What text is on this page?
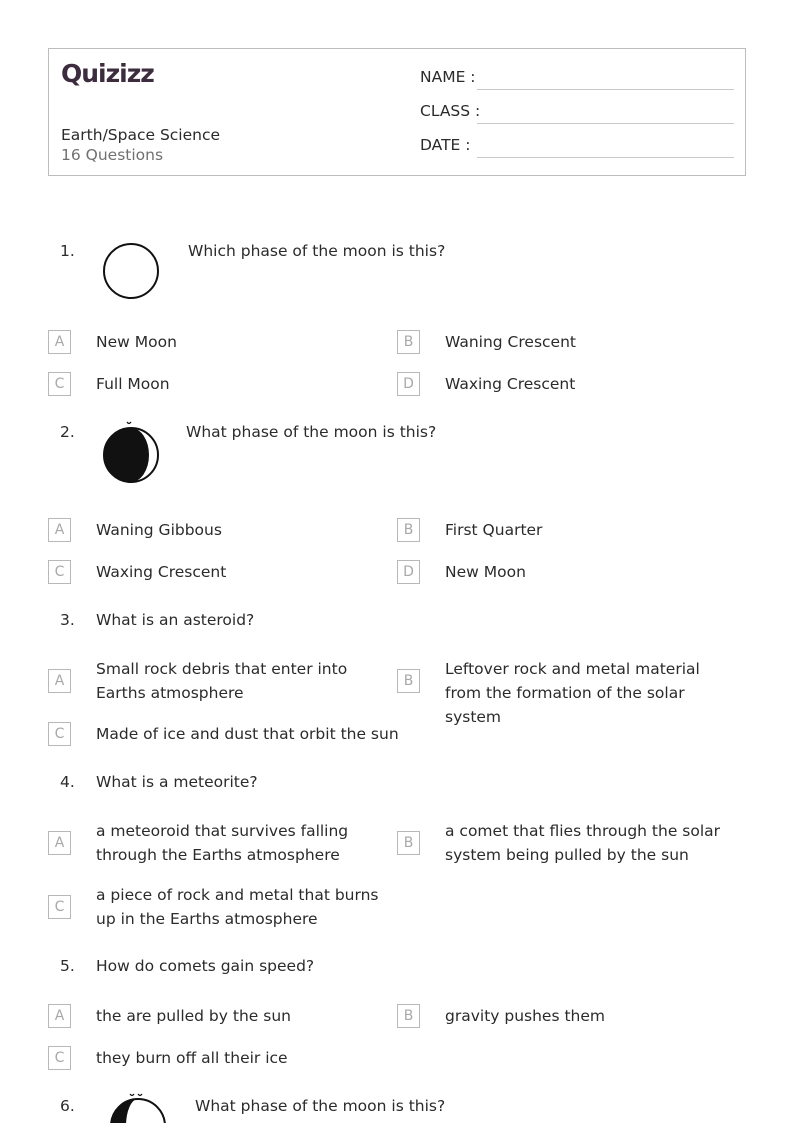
Quizizz
Earth/Space Science
16 Questions
NAME :
CLASS :
DATE :
1.	Which phase of the moon is this?
A	New Moon	B	Waning Crescent
C	Full Moon	D	Waxing Crescent
2.	What phase of the moon is this?
A	Waning Gibbous	B	First Quarter
C	Waxing Crescent	D	New Moon
3. What is an asteroid?
A
Small rock debris that enter into Earths atmosphere
B
Leftover rock and metal material from the formation of the solar system
C	Made of ice and dust that orbit the sun
4. What is a meteorite?
A
a meteoroid that survives falling through the Earths atmosphere
B
a comet that flies through the solar system being pulled by the sun
C
a piece of rock and metal that burns up in the Earths atmosphere
5. How do comets gain speed?
A	the are pulled by the sun	B	gravity pushes them
C	they burn off all their ice
6.	What phase of the moon is this?
